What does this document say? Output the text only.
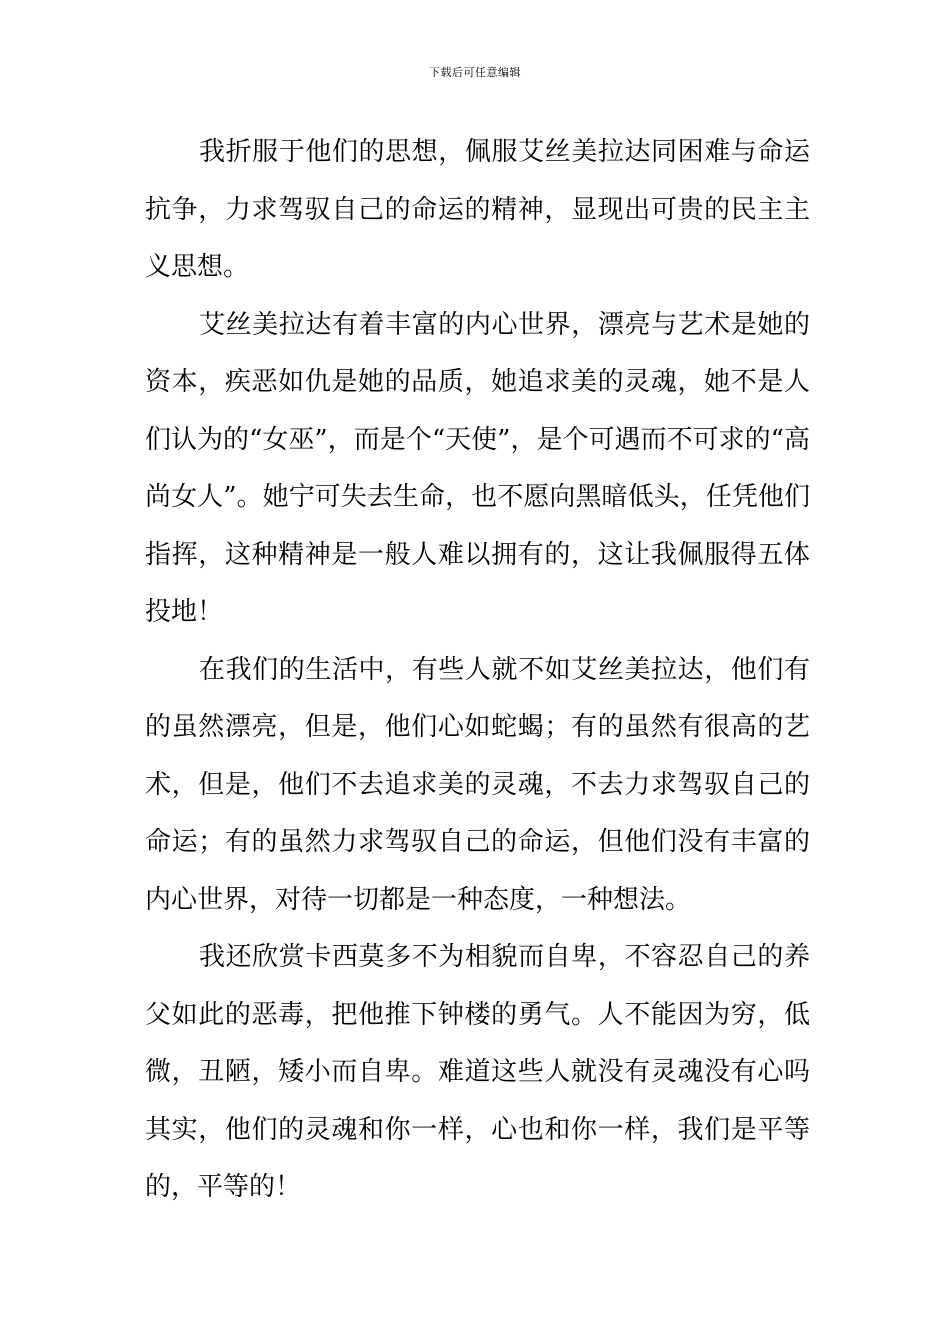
下载后可任意编辑

我折服于他们的思想，佩服艾丝美拉达同困难与命运抗争，力求驾驭自己的命运的精神，显现出可贵的民主主义思想。

艾丝美拉达有着丰富的内心世界，漂亮与艺术是她的资本，疾恶如仇是她的品质，她追求美的灵魂，她不是人们认为的“女巫”，而是个“天使”，是个可遇而不可求的“高尚女人”。她宁可失去生命，也不愿向黑暗低头，任凭他们指挥，这种精神是一般人难以拥有的，这让我佩服得五体投地！

在我们的生活中，有些人就不如艾丝美拉达，他们有的虽然漂亮，但是，他们心如蛇蝎；有的虽然有很高的艺术，但是，他们不去追求美的灵魂，不去力求驾驭自己的命运；有的虽然力求驾驭自己的命运，但他们没有丰富的内心世界，对待一切都是一种态度，一种想法。

我还欣赏卡西莫多不为相貌而自卑，不容忍自己的养父如此的恶毒，把他推下钟楼的勇气。人不能因为穷，低微，丑陋，矮小而自卑。难道这些人就没有灵魂没有心吗其实，他们的灵魂和你一样，心也和你一样，我们是平等的，平等的！
